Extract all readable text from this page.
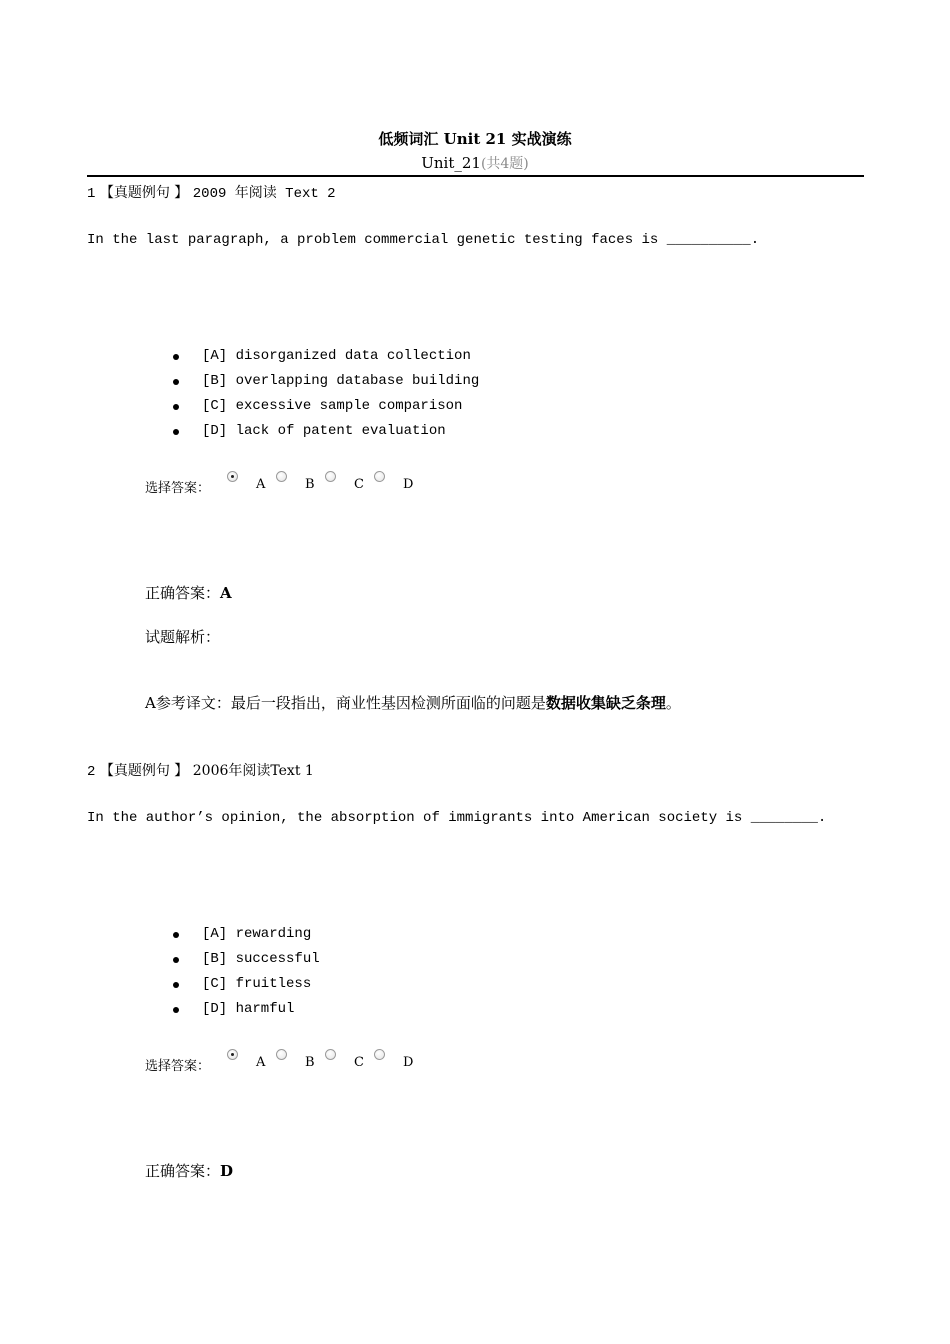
低频词汇 Unit 21 实战演练
Unit_21(共4题)
1 【真题例句 】 2009 年阅读 Text 2
In the last paragraph, a problem commercial genetic testing faces is __________.
[A] disorganized data collection
[B] overlapping database building
[C] excessive sample comparison
[D] lack of patent evaluation
选择答案：	A	B	C	D
正确答案：A
试题解析：
A参考译文：最后一段指出，商业性基因检测所面临的问题是数据收集缺乏条理。
2 【真题例句 】 2006年阅读Text 1
In the author’s opinion, the absorption of immigrants into American society is ________.
[A] rewarding
[B] successful
[C] fruitless
[D] harmful
选择答案：	A	B	C	D
正确答案：D
